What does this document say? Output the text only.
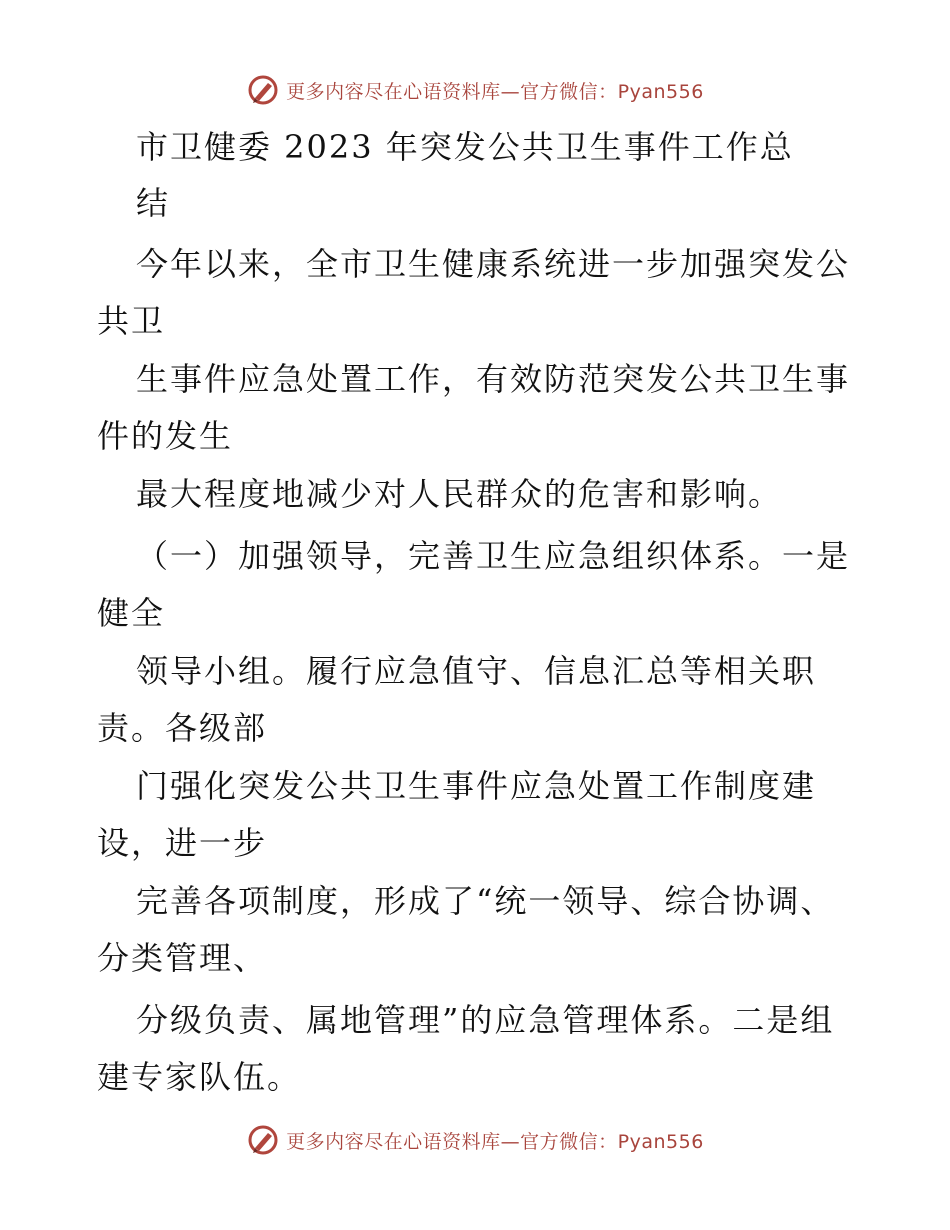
更多内容尽在心语资料库—官方微信：Pyan556
市卫健委 2023 年突发公共卫生事件工作总
结
今年以来，全市卫生健康系统进一步加强突发公
共卫
生事件应急处置工作，有效防范突发公共卫生事
件的发生
最大程度地减少对人民群众的危害和影响。
（一）加强领导，完善卫生应急组织体系。一是
健全
领导小组。履行应急值守、信息汇总等相关职
责。各级部
门强化突发公共卫生事件应急处置工作制度建
设，进一步
完善各项制度，形成了“统一领导、综合协调、
分类管理、
分级负责、属地管理”的应急管理体系。二是组
建专家队伍。
更多内容尽在心语资料库—官方微信：Pyan556
